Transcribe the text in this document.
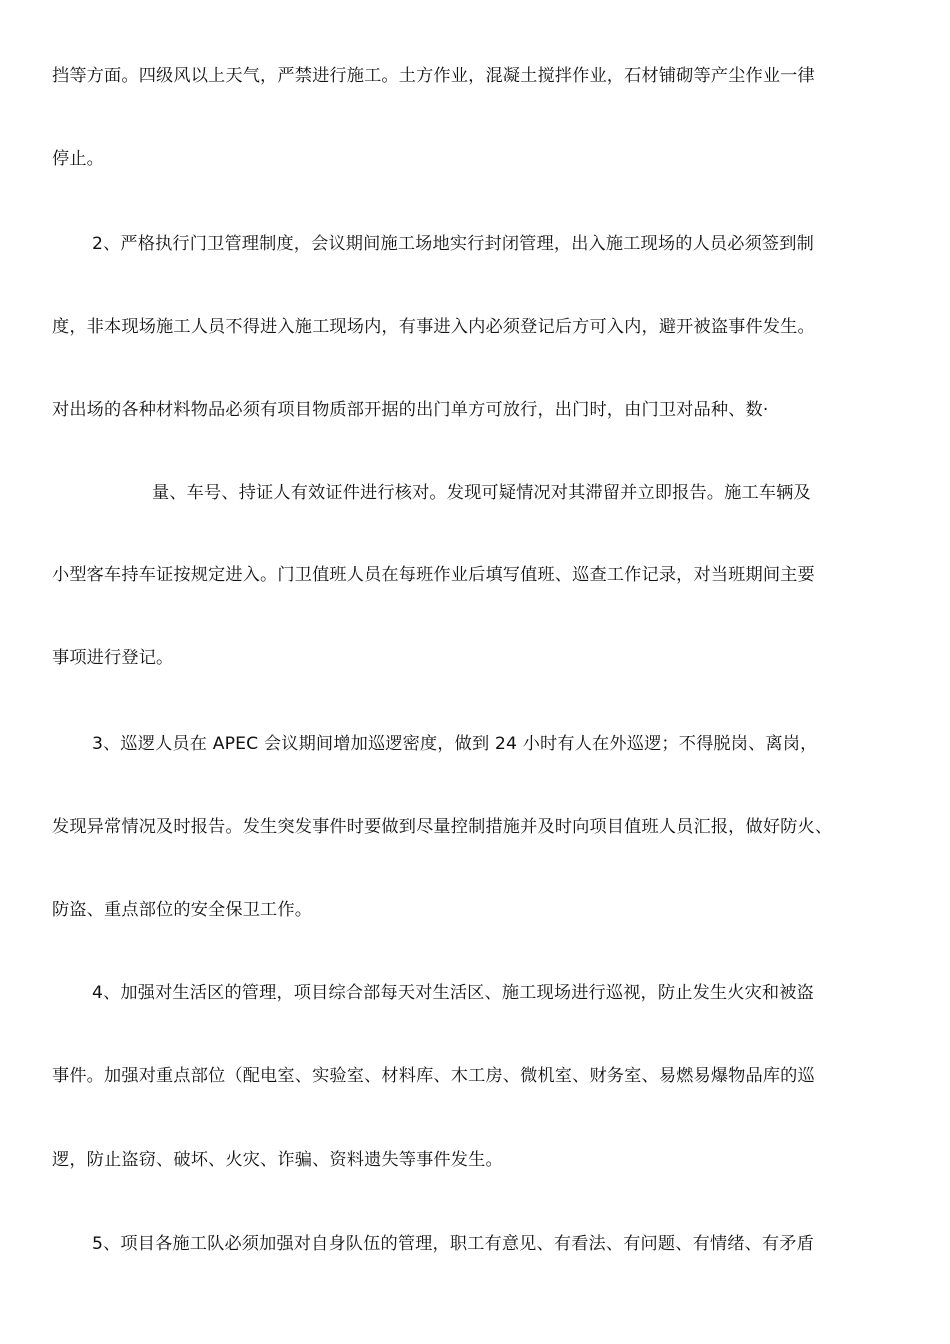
挡等方面。四级风以上天气，严禁进行施工。土方作业，混凝土搅拌作业，石材铺砌等产尘作业一律
停止。
2、严格执行门卫管理制度，会议期间施工场地实行封闭管理，出入施工现场的人员必须签到制
度，非本现场施工人员不得进入施工现场内，有事进入内必须登记后方可入内，避开被盗事件发生。
对出场的各种材料物品必须有项目物质部开据的出门单方可放行，出门时，由门卫对品种、数·
量、车号、持证人有效证件进行核对。发现可疑情况对其滞留并立即报告。施工车辆及
小型客车持车证按规定进入。门卫值班人员在每班作业后填写值班、巡查工作记录，对当班期间主要
事项进行登记。
3、巡逻人员在 APEC 会议期间增加巡逻密度，做到 24 小时有人在外巡逻；不得脱岗、离岗，
发现异常情况及时报告。发生突发事件时要做到尽量控制措施并及时向项目值班人员汇报，做好防火、
防盗、重点部位的安全保卫工作。
4、加强对生活区的管理，项目综合部每天对生活区、施工现场进行巡视，防止发生火灾和被盗
事件。加强对重点部位（配电室、实验室、材料库、木工房、微机室、财务室、易燃易爆物品库的巡
逻，防止盗窃、破坏、火灾、诈骗、资料遗失等事件发生。
5、项目各施工队必须加强对自身队伍的管理，职工有意见、有看法、有问题、有情绪、有矛盾
